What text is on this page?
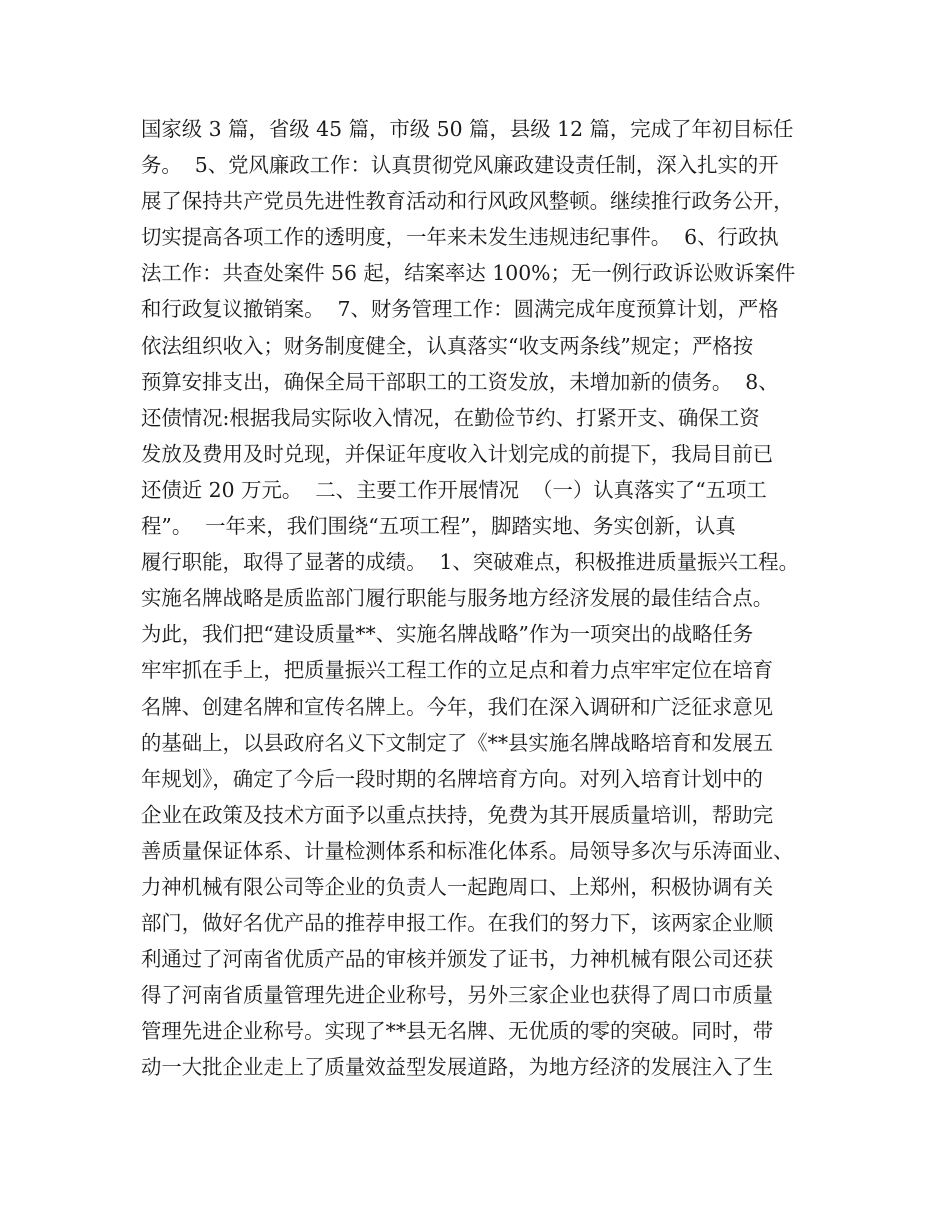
国家级 3 篇，省级 45 篇，市级 50 篇，县级 12 篇，完成了年初目标任
务。  5、党风廉政工作：认真贯彻党风廉政建设责任制，深入扎实的开
展了保持共产党员先进性教育活动和行风政风整顿。继续推行政务公开，
切实提高各项工作的透明度，一年来未发生违规违纪事件。  6、行政执
法工作：共查处案件 56 起，结案率达 100%；无一例行政诉讼败诉案件
和行政复议撤销案。  7、财务管理工作：圆满完成年度预算计划，严格
依法组织收入；财务制度健全，认真落实“收支两条线”规定；严格按
预算安排支出，确保全局干部职工的工资发放，未增加新的债务。  8、
还债情况:根据我局实际收入情况，在勤俭节约、打紧开支、确保工资
发放及费用及时兑现，并保证年度收入计划完成的前提下，我局目前已
还债近 20 万元。  二、主要工作开展情况  （一）认真落实了“五项工
程”。  一年来，我们围绕“五项工程”，脚踏实地、务实创新，认真
履行职能，取得了显著的成绩。  1、突破难点，积极推进质量振兴工程。
实施名牌战略是质监部门履行职能与服务地方经济发展的最佳结合点。
为此，我们把“建设质量**、实施名牌战略”作为一项突出的战略任务
牢牢抓在手上，把质量振兴工程工作的立足点和着力点牢牢定位在培育
名牌、创建名牌和宣传名牌上。今年，我们在深入调研和广泛征求意见
的基础上，以县政府名义下文制定了《**县实施名牌战略培育和发展五
年规划》，确定了今后一段时期的名牌培育方向。对列入培育计划中的
企业在政策及技术方面予以重点扶持，免费为其开展质量培训，帮助完
善质量保证体系、计量检测体系和标准化体系。局领导多次与乐涛面业、
力神机械有限公司等企业的负责人一起跑周口、上郑州，积极协调有关
部门，做好名优产品的推荐申报工作。在我们的努力下，该两家企业顺
利通过了河南省优质产品的审核并颁发了证书，力神机械有限公司还获
得了河南省质量管理先进企业称号，另外三家企业也获得了周口市质量
管理先进企业称号。实现了**县无名牌、无优质的零的突破。同时，带
动一大批企业走上了质量效益型发展道路，为地方经济的发展注入了生
